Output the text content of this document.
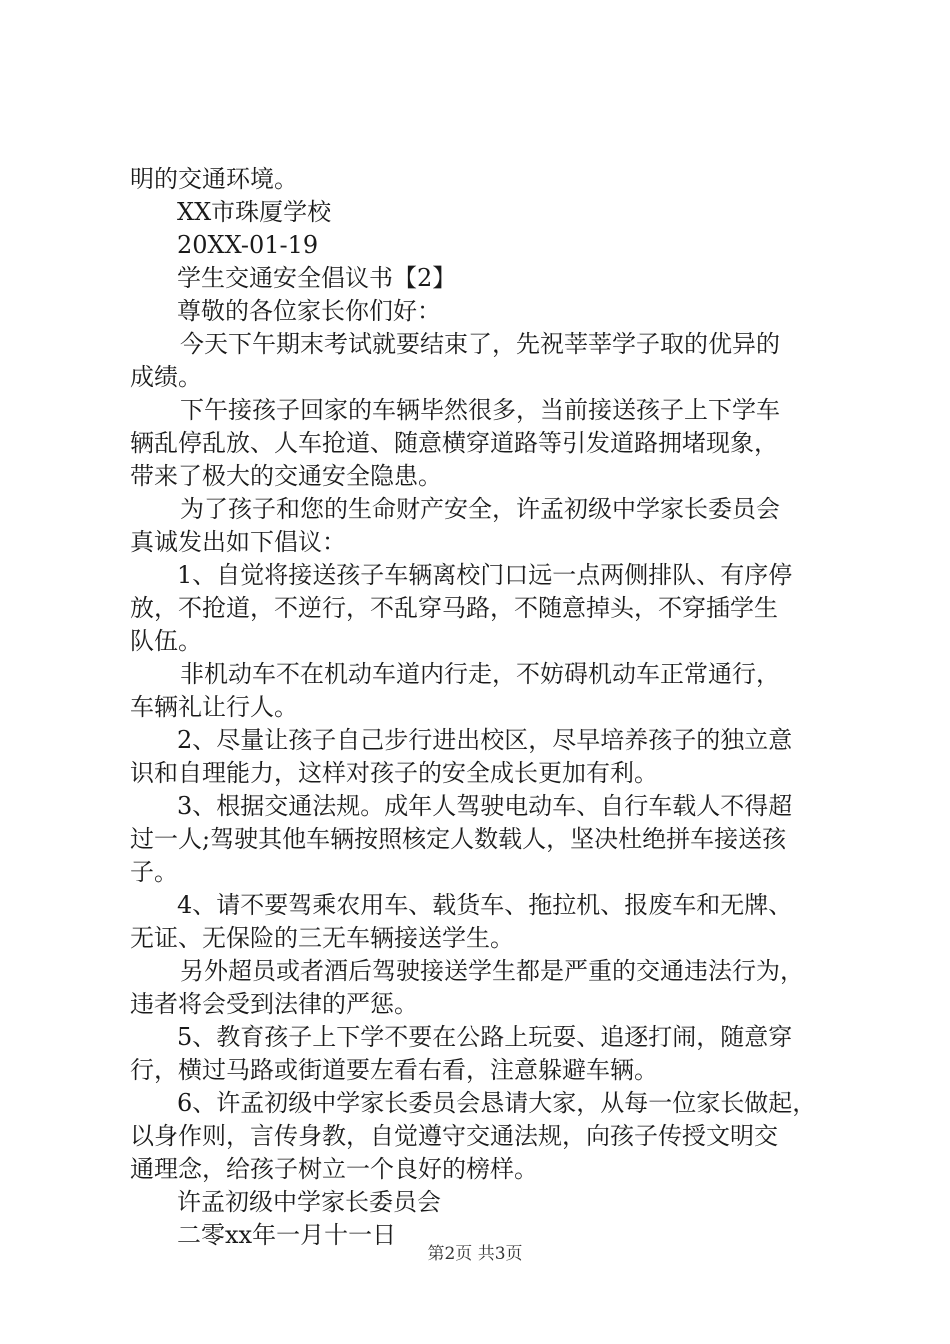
明的交通环境。

XX市珠厦学校

20XX-01-19

学生交通安全倡议书【2】

尊敬的各位家长你们好：

今天下午期末考试就要结束了，先祝莘莘学子取的优异的

成绩。

下午接孩子回家的车辆毕然很多，当前接送孩子上下学车

辆乱停乱放、人车抢道、随意横穿道路等引发道路拥堵现象，

带来了极大的交通安全隐患。

为了孩子和您的生命财产安全，许孟初级中学家长委员会

真诚发出如下倡议：

1、自觉将接送孩子车辆离校门口远一点两侧排队、有序停

放，不抢道，不逆行，不乱穿马路，不随意掉头，不穿插学生

队伍。

非机动车不在机动车道内行走，不妨碍机动车正常通行，

车辆礼让行人。

2、尽量让孩子自己步行进出校区，尽早培养孩子的独立意

识和自理能力，这样对孩子的安全成长更加有利。

3、根据交通法规。成年人驾驶电动车、自行车载人不得超

过一人;驾驶其他车辆按照核定人数载人，坚决杜绝拼车接送孩

子。

4、请不要驾乘农用车、载货车、拖拉机、报废车和无牌、

无证、无保险的三无车辆接送学生。

另外超员或者酒后驾驶接送学生都是严重的交通违法行为，

违者将会受到法律的严惩。

5、教育孩子上下学不要在公路上玩耍、追逐打闹，随意穿

行，横过马路或街道要左看右看，注意躲避车辆。

6、许孟初级中学家长委员会恳请大家，从每一位家长做起，

以身作则，言传身教，自觉遵守交通法规，向孩子传授文明交

通理念，给孩子树立一个良好的榜样。

许孟初级中学家长委员会

二零xx年一月十一日

第2页 共3页
